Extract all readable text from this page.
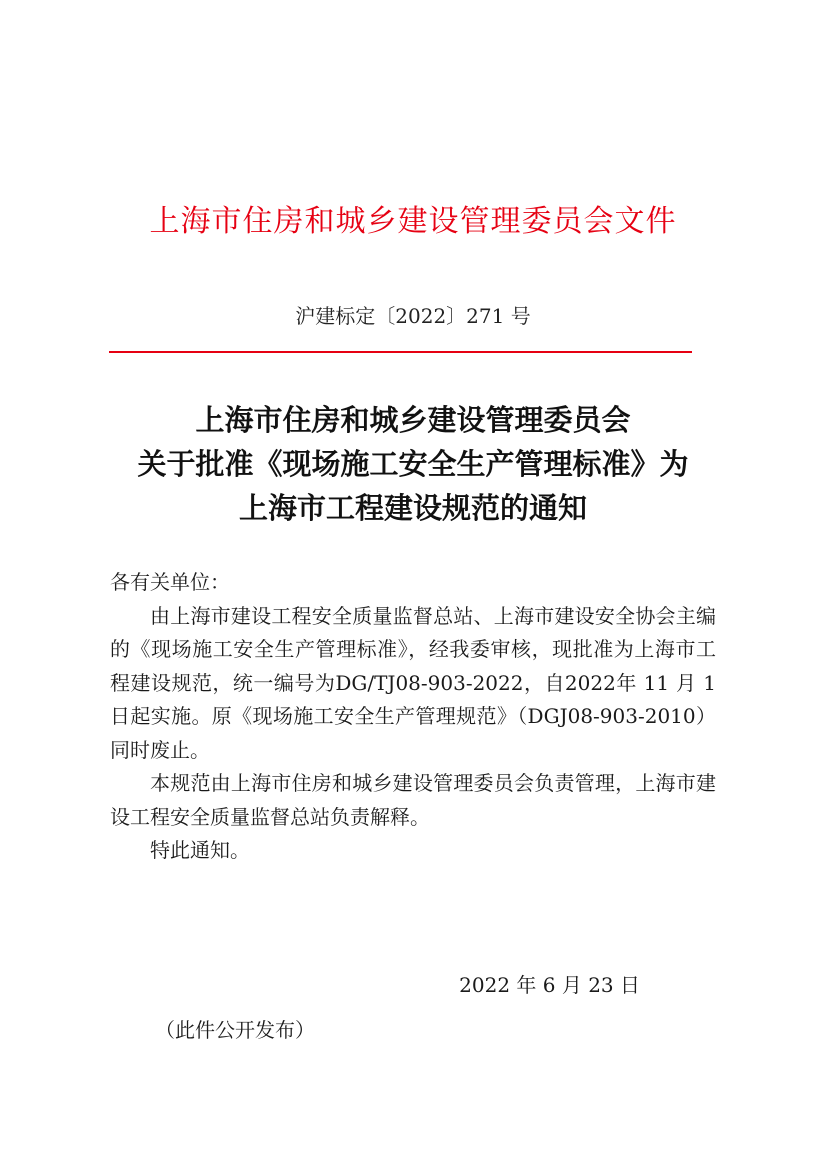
上海市住房和城乡建设管理委员会文件
沪建标定〔2022〕271 号
上海市住房和城乡建设管理委员会
关于批准《现场施工安全生产管理标准》为
上海市工程建设规范的通知

各有关单位：

由上海市建设工程安全质量监督总站、上海市建设安全协会主编的《现场施工安全生产管理标准》，经我委审核，现批准为上海市工程建设规范，统一编号为DG/TJ08-903-2022，自2022年 11 月 1 日起实施。原《现场施工安全生产管理规范》（DGJ08-903-2010）同时废止。

本规范由上海市住房和城乡建设管理委员会负责管理，上海市建设工程安全质量监督总站负责解释。

特此通知。

2022 年 6 月 23 日
（此件公开发布）
